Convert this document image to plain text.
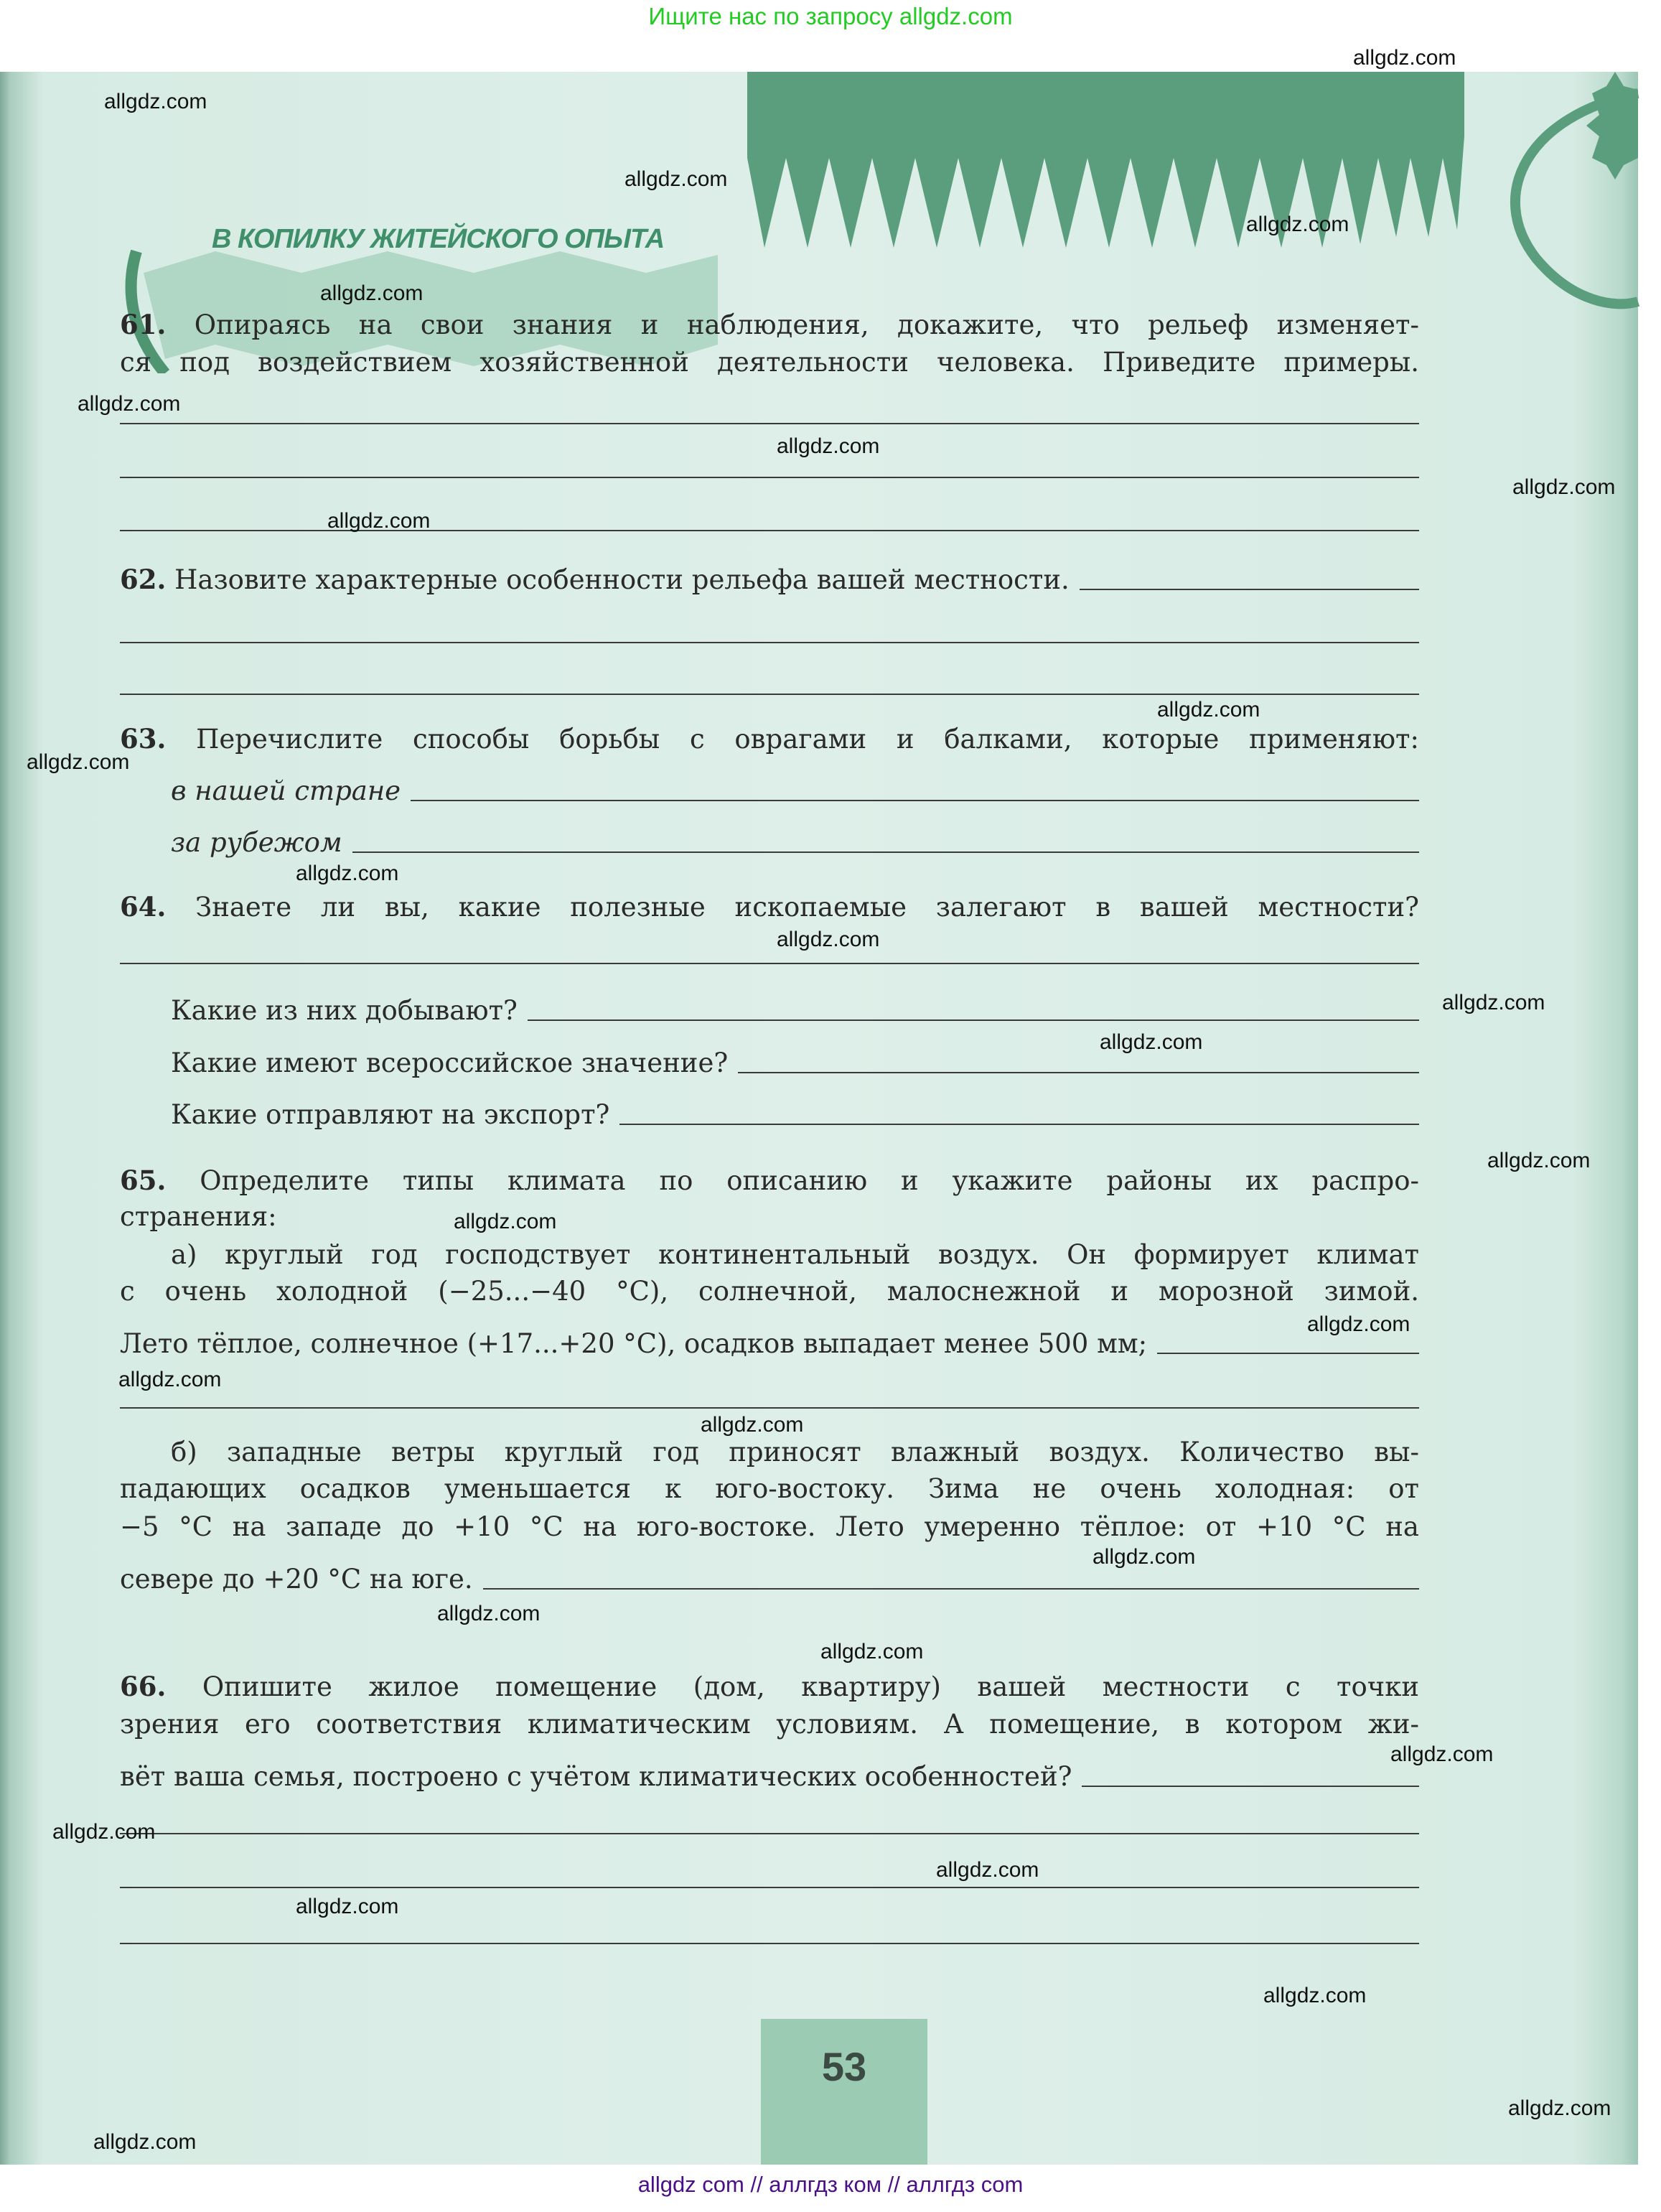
Ищите нас по запросу allgdz.com
В КОПИЛКУ ЖИТЕЙСКОГО ОПЫТА
61. Опираясь на свои знания и наблюдения, докажите, что рельеф изменяет-
ся под воздействием хозяйственной деятельности человека. Приведите примеры.
62.
Назовите характерные особенности рельефа вашей местности.
63. Перечислите способы борьбы с оврагами и балками, которые применяют:
в нашей стране
за рубежом
64. Знаете ли вы, какие полезные ископаемые залегают в вашей местности?
Какие из них добывают?
Какие имеют всероссийское значение?
Какие отправляют на экспорт?
65. Определите типы климата по описанию и укажите районы их распро-
странения:
а) круглый год господствует континентальный воздух. Он формирует климат
с очень холодной (−25...−40 °С), солнечной, малоснежной и морозной зимой.
Лето тёплое, солнечное (+17...+20 °С), осадков выпадает менее 500 мм;
б) западные ветры круглый год приносят влажный воздух. Количество вы-
падающих осадков уменьшается к юго-востоку. Зима не очень холодная: от
−5 °С на западе до +10 °С на юго-востоке. Лето умеренно тёплое: от +10 °С на
севере до +20 °С на юге.
66. Опишите жилое помещение (дом, квартиру) вашей местности с точки
зрения его соответствия климатическим условиям. А помещение, в котором жи-
вёт ваша семья, построено с учётом климатических особенностей?
53
allgdz.com
allgdz.com
allgdz.com
allgdz.com
allgdz.com
allgdz.com
allgdz.com
allgdz.com
allgdz.com
allgdz.com
allgdz.com
allgdz.com
allgdz.com
allgdz.com
allgdz.com
allgdz.com
allgdz.com
allgdz.com
allgdz.com
allgdz.com
allgdz.com
allgdz.com
allgdz.com
allgdz.com
allgdz.com
allgdz.com
allgdz.com
allgdz.com
allgdz.com
allgdz.com
allgdz com // аллгдз ком // аллгдз com
